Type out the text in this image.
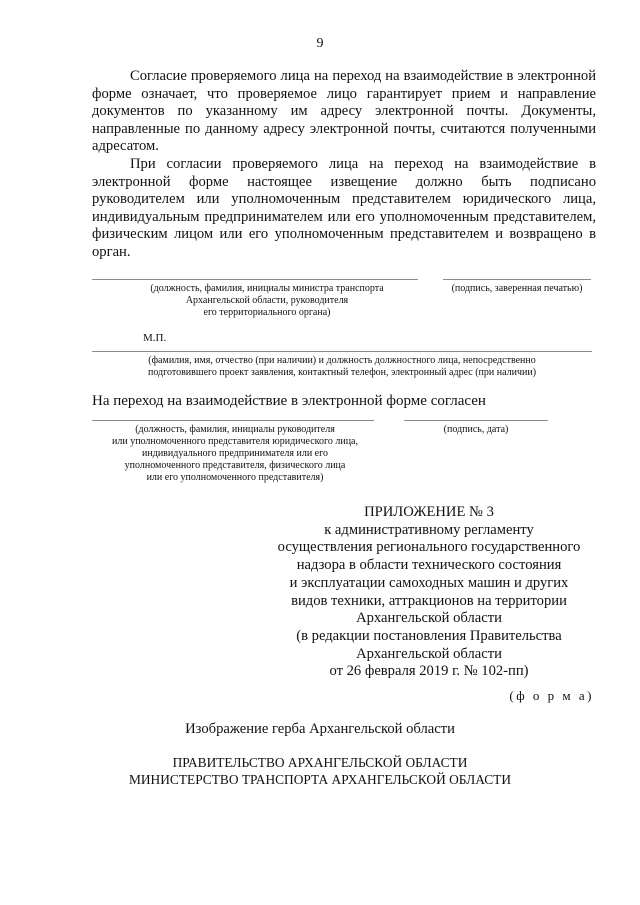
9

Согласие проверяемого лица на переход на взаимодействие в электронной форме означает, что проверяемое лицо гарантирует прием и направление документов по указанному им адресу электронной почты. Документы, направленные по данному адресу электронной почты, считаются полученными адресатом.

При согласии проверяемого лица на переход на взаимодействие в электронной форме настоящее извещение должно быть подписано руководителем или уполномоченным представителем юридического лица, индивидуальным предпринимателем или его уполномоченным представителем, физическим лицом или его уполномоченным представителем и возвращено в орган.

(должность, фамилия, инициалы министра транспорта
Архангельской области, руководителя
его территориального органа)
(подпись, заверенная печатью)
М.П.
(фамилия, имя, отчество (при наличии) и должность должностного лица, непосредственно
подготовившего проект заявления, контактный телефон, электронный адрес (при наличии)
На переход на взаимодействие в электронной форме согласен
(должность, фамилия, инициалы руководителя
или уполномоченного представителя юридического лица,
индивидуального предпринимателя или его
уполномоченного представителя, физического лица
или его уполномоченного представителя)
(подпись, дата)
ПРИЛОЖЕНИЕ № 3
к административному регламенту
осуществления регионального государственного
надзора в области технического состояния
и эксплуатации самоходных машин и других
видов техники, аттракционов на территории
Архангельской области
(в редакции постановления Правительства
Архангельской области
от 26 февраля 2019 г. № 102-пп)
(ф о р м а)
Изображение герба Архангельской области
ПРАВИТЕЛЬСТВО АРХАНГЕЛЬСКОЙ ОБЛАСТИ
МИНИСТЕРСТВО ТРАНСПОРТА АРХАНГЕЛЬСКОЙ ОБЛАСТИ
